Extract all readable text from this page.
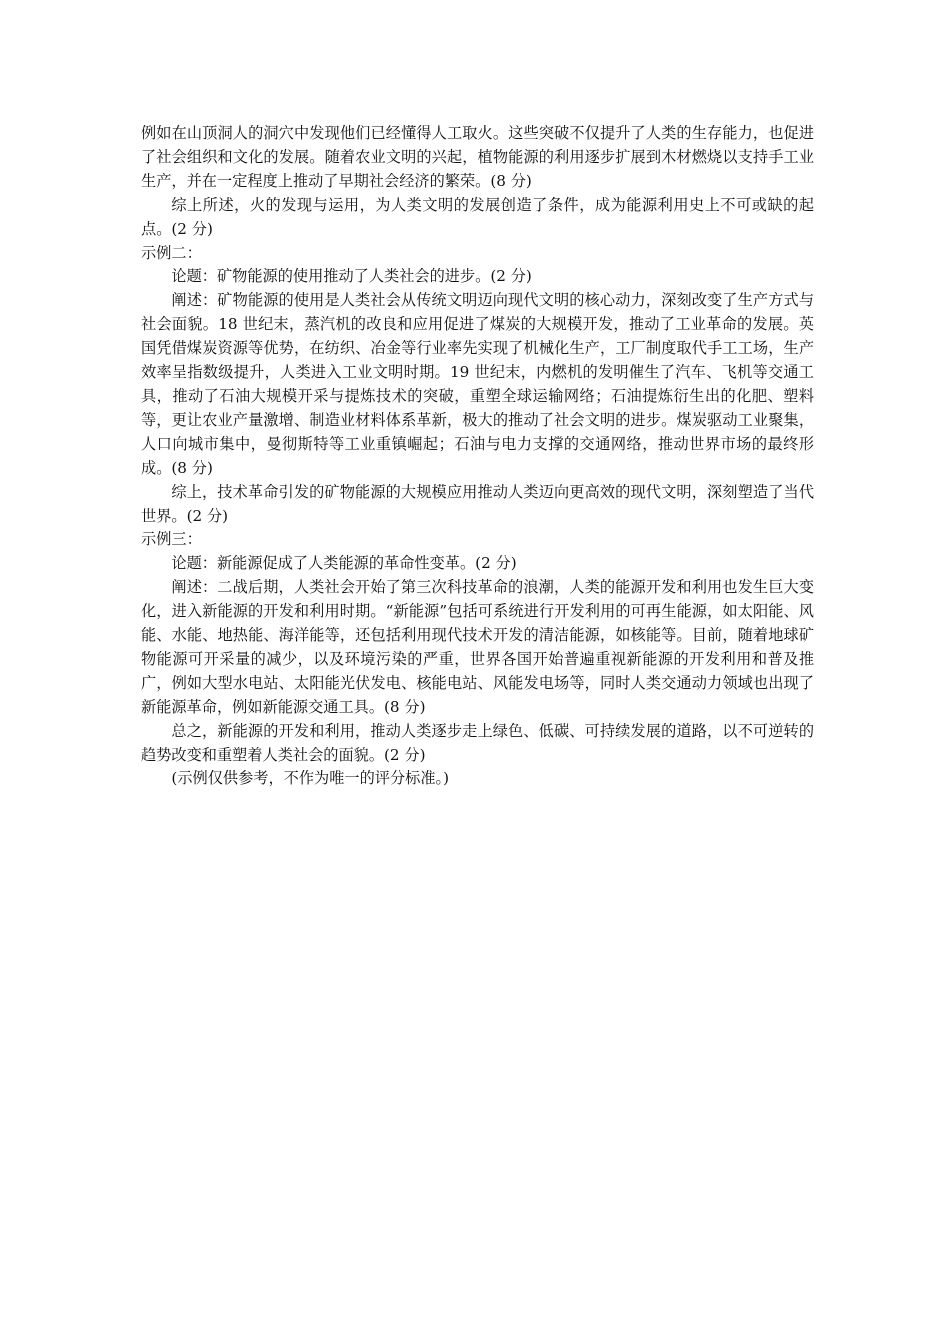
例如在山顶洞人的洞穴中发现他们已经懂得人工取火。这些突破不仅提升了人类的生存能力，也促进了社会组织和文化的发展。随着农业文明的兴起，植物能源的利用逐步扩展到木材燃烧以支持手工业生产，并在一定程度上推动了早期社会经济的繁荣。(8 分)

综上所述，火的发现与运用，为人类文明的发展创造了条件，成为能源利用史上不可或缺的起点。(2 分)

示例二：

论题：矿物能源的使用推动了人类社会的进步。(2 分)

阐述：矿物能源的使用是人类社会从传统文明迈向现代文明的核心动力，深刻改变了生产方式与社会面貌。18 世纪末，蒸汽机的改良和应用促进了煤炭的大规模开发，推动了工业革命的发展。英国凭借煤炭资源等优势，在纺织、冶金等行业率先实现了机械化生产，工厂制度取代手工工场，生产效率呈指数级提升，人类进入工业文明时期。19 世纪末，内燃机的发明催生了汽车、飞机等交通工具，推动了石油大规模开采与提炼技术的突破，重塑全球运输网络；石油提炼衍生出的化肥、塑料等，更让农业产量激增、制造业材料体系革新，极大的推动了社会文明的进步。煤炭驱动工业聚集，人口向城市集中，曼彻斯特等工业重镇崛起；石油与电力支撑的交通网络，推动世界市场的最终形成。(8 分)

综上，技术革命引发的矿物能源的大规模应用推动人类迈向更高效的现代文明，深刻塑造了当代世界。(2 分)

示例三：

论题：新能源促成了人类能源的革命性变革。(2 分)

阐述：二战后期，人类社会开始了第三次科技革命的浪潮，人类的能源开发和利用也发生巨大变化，进入新能源的开发和利用时期。“新能源”包括可系统进行开发利用的可再生能源，如太阳能、风能、水能、地热能、海洋能等，还包括利用现代技术开发的清洁能源，如核能等。目前，随着地球矿物能源可开采量的减少，以及环境污染的严重，世界各国开始普遍重视新能源的开发利用和普及推广，例如大型水电站、太阳能光伏发电、核能电站、风能发电场等，同时人类交通动力领域也出现了新能源革命，例如新能源交通工具。(8 分)

总之，新能源的开发和利用，推动人类逐步走上绿色、低碳、可持续发展的道路，以不可逆转的趋势改变和重塑着人类社会的面貌。(2 分)

(示例仅供参考，不作为唯一的评分标准。)
